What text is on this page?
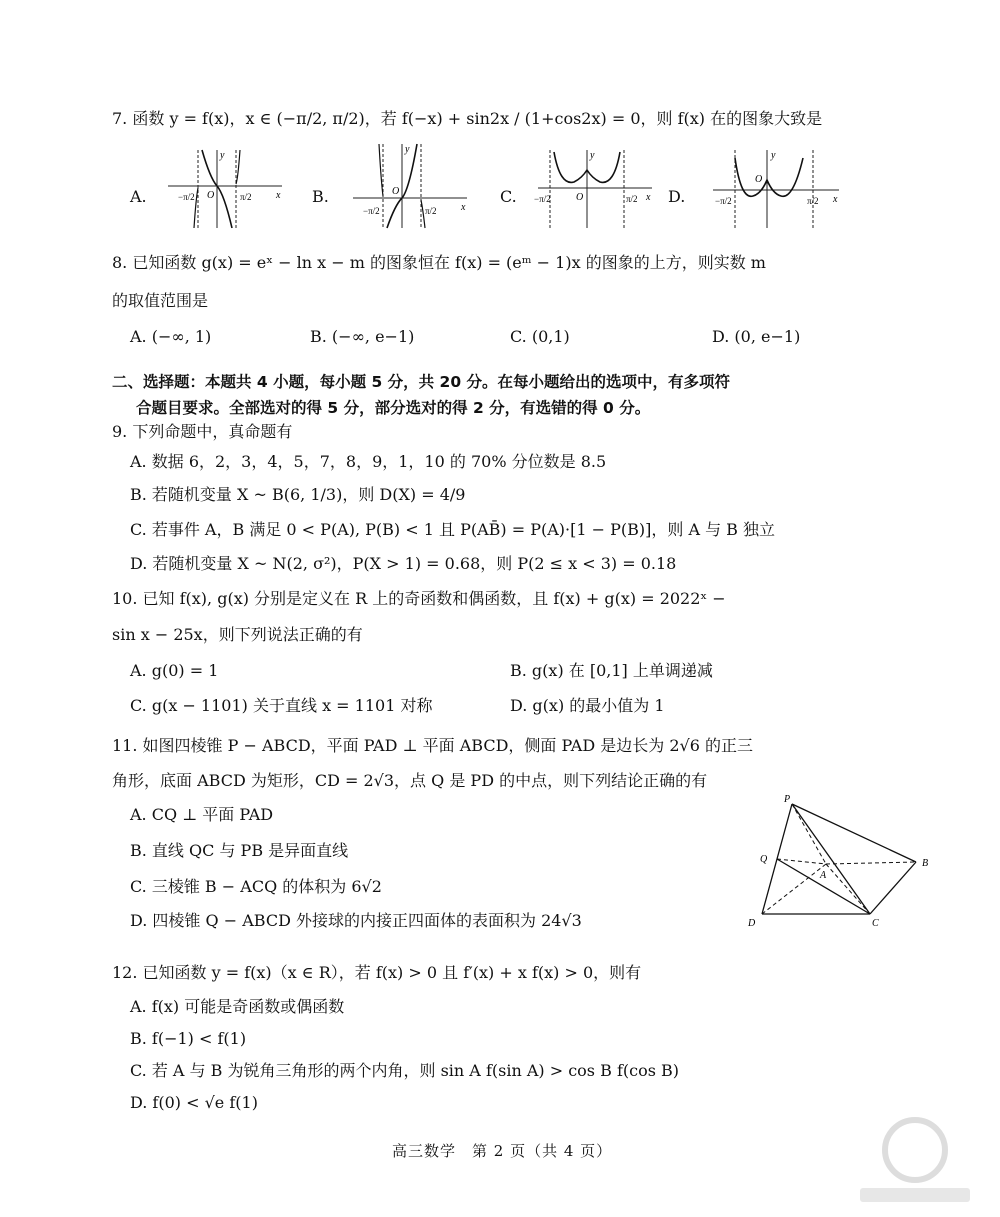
7. 函数 y = f(x)，x ∈ (−π/2, π/2)，若 f(−x) + sin2x / (1+cos2x) = 0，则 f(x) 在的图象大致是
A.
y
x
O
−π/2	π/2	B.
y
x
O
−π/2	π/2
C.
y
x
O
−π/2	π/2 D.
y
x
O
−π/2	π/2
8. 已知函数 g(x) = eˣ − ln x − m 的图象恒在 f(x) = (eᵐ − 1)x 的图象的上方，则实数 m
的取值范围是
A. (−∞, 1)	B. (−∞, e−1)	C. (0,1)	D. (0, e−1)
二、选择题：本题共 4 小题，每小题 5 分，共 20 分。在每小题给出的选项中，有多项符
合题目要求。全部选对的得 5 分，部分选对的得 2 分，有选错的得 0 分。
9. 下列命题中，真命题有
A. 数据 6，2，3，4，5，7，8，9，1，10 的 70% 分位数是 8.5
B. 若随机变量 X ~ B(6, 1/3)，则 D(X) = 4/9
C. 若事件 A，B 满足 0 < P(A), P(B) < 1 且 P(AB̄) = P(A)·[1 − P(B)]，则 A 与 B 独立
D. 若随机变量 X ~ N(2, σ²)，P(X > 1) = 0.68，则 P(2 ≤ x < 3) = 0.18
10. 已知 f(x), g(x) 分别是定义在 R 上的奇函数和偶函数，且 f(x) + g(x) = 2022ˣ −
sin x − 25x，则下列说法正确的有
A. g(0) = 1	B. g(x) 在 [0,1] 上单调递减
C. g(x − 1101) 关于直线 x = 1101 对称	D. g(x) 的最小值为 1
11. 如图四棱锥 P − ABCD，平面 PAD ⊥ 平面 ABCD，侧面 PAD 是边长为 2√6 的正三
角形，底面 ABCD 为矩形，CD = 2√3，点 Q 是 PD 的中点，则下列结论正确的有
A. CQ ⊥ 平面 PAD
B. 直线 QC 与 PB 是异面直线
C. 三棱锥 B − ACQ 的体积为 6√2
D. 四棱锥 Q − ABCD 外接球的内接正四面体的表面积为 24√3
P
Q
A
B
C
D
12. 已知函数 y = f(x)（x ∈ R），若 f(x) > 0 且 f′(x) + x f(x) > 0，则有
A. f(x) 可能是奇函数或偶函数
B. f(−1) < f(1)
C. 若 A 与 B 为锐角三角形的两个内角，则 sin A f(sin A) > cos B f(cos B)
D. f(0) < √e f(1)
高三数学　第 2 页（共 4 页）
